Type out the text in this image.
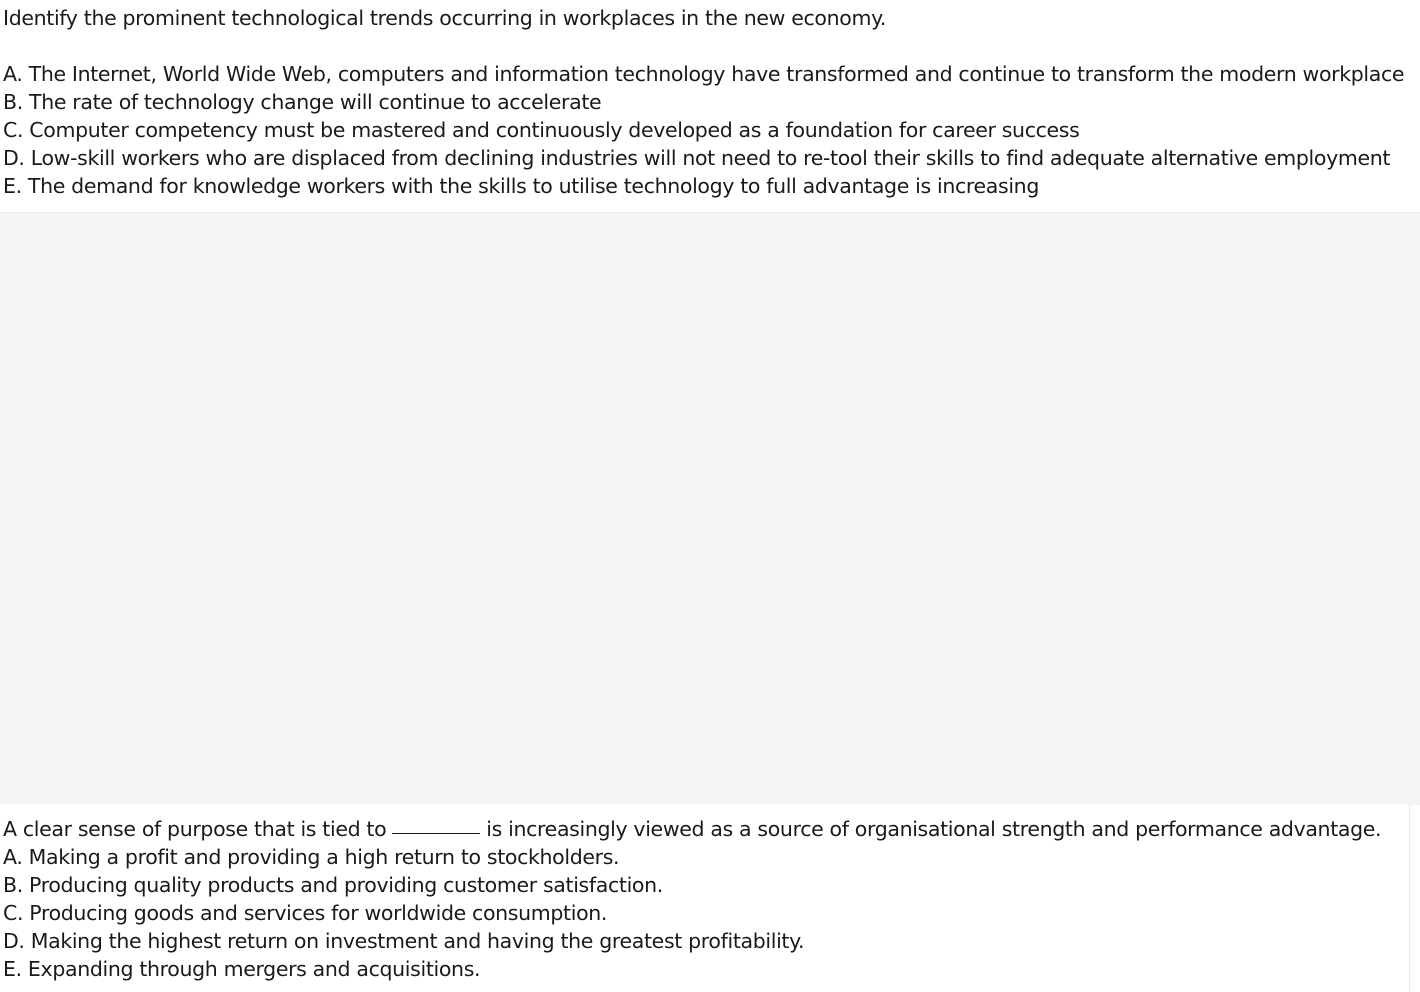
Identify the prominent technological trends occurring in workplaces in the new economy.
A. The Internet, World Wide Web, computers and information technology have transformed and continue to transform the modern workplace
B. The rate of technology change will continue to accelerate
C. Computer competency must be mastered and continuously developed as a foundation for career success
D. Low-skill workers who are displaced from declining industries will not need to re-tool their skills to find adequate alternative employment
E. The demand for knowledge workers with the skills to utilise technology to full advantage is increasing
A clear sense of purpose that is tied to	is increasingly viewed as a source of organisational strength and performance advantage.
A. Making a profit and providing a high return to stockholders.
B. Producing quality products and providing customer satisfaction.
C. Producing goods and services for worldwide consumption.
D. Making the highest return on investment and having the greatest profitability.
E. Expanding through mergers and acquisitions.
